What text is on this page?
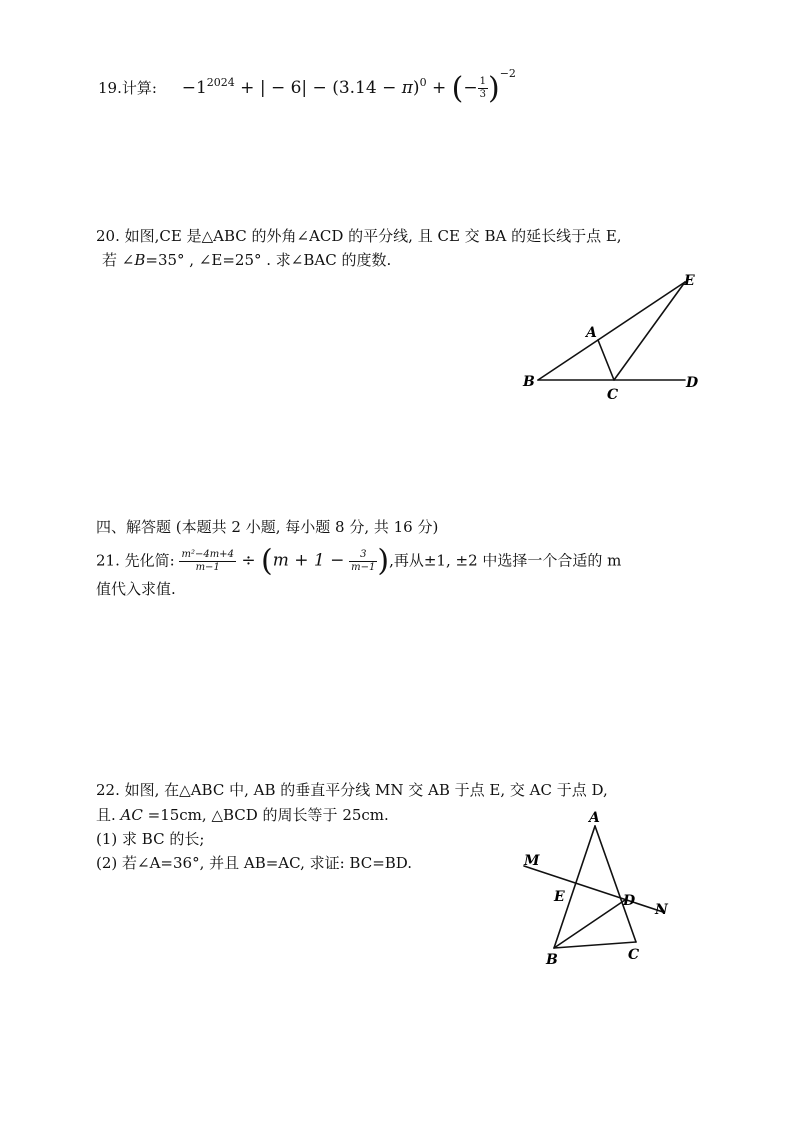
19.计算: $-1^{2024}$ + | − $6| - (3.14 - \pi)^0$ + (− $\frac{1}{3} )^{-2}$
20. 如图,CE 是△ABC 的外角∠ACD 的平分线, 且 CE 交 BA 的延长线于点 E,
若 ∠B=35° , ∠E=25° . 求∠BAC 的度数.
B
A
C
D
E
四、解答题 (本题共 2 小题, 每小题 8 分, 共 16 分)
21. 先化简: $\frac{\text{m²−4m+4}}{m-1} \div (m + 1 - \frac{3}{m-1}$ ),再从±1, ±2 中选择一个合适的 m
值代入求值.
22. 如图, 在△ABC 中, AB 的垂直平分线 MN 交 AB 于点 E, 交 AC 于点 D,
且. AC =15cm, △BCD 的周长等于 25cm.
(1) 求 BC 的长;
(2) 若∠A=36°, 并且 AB=AC, 求证: BC=BD.
A
M
E	D
N
B	C
